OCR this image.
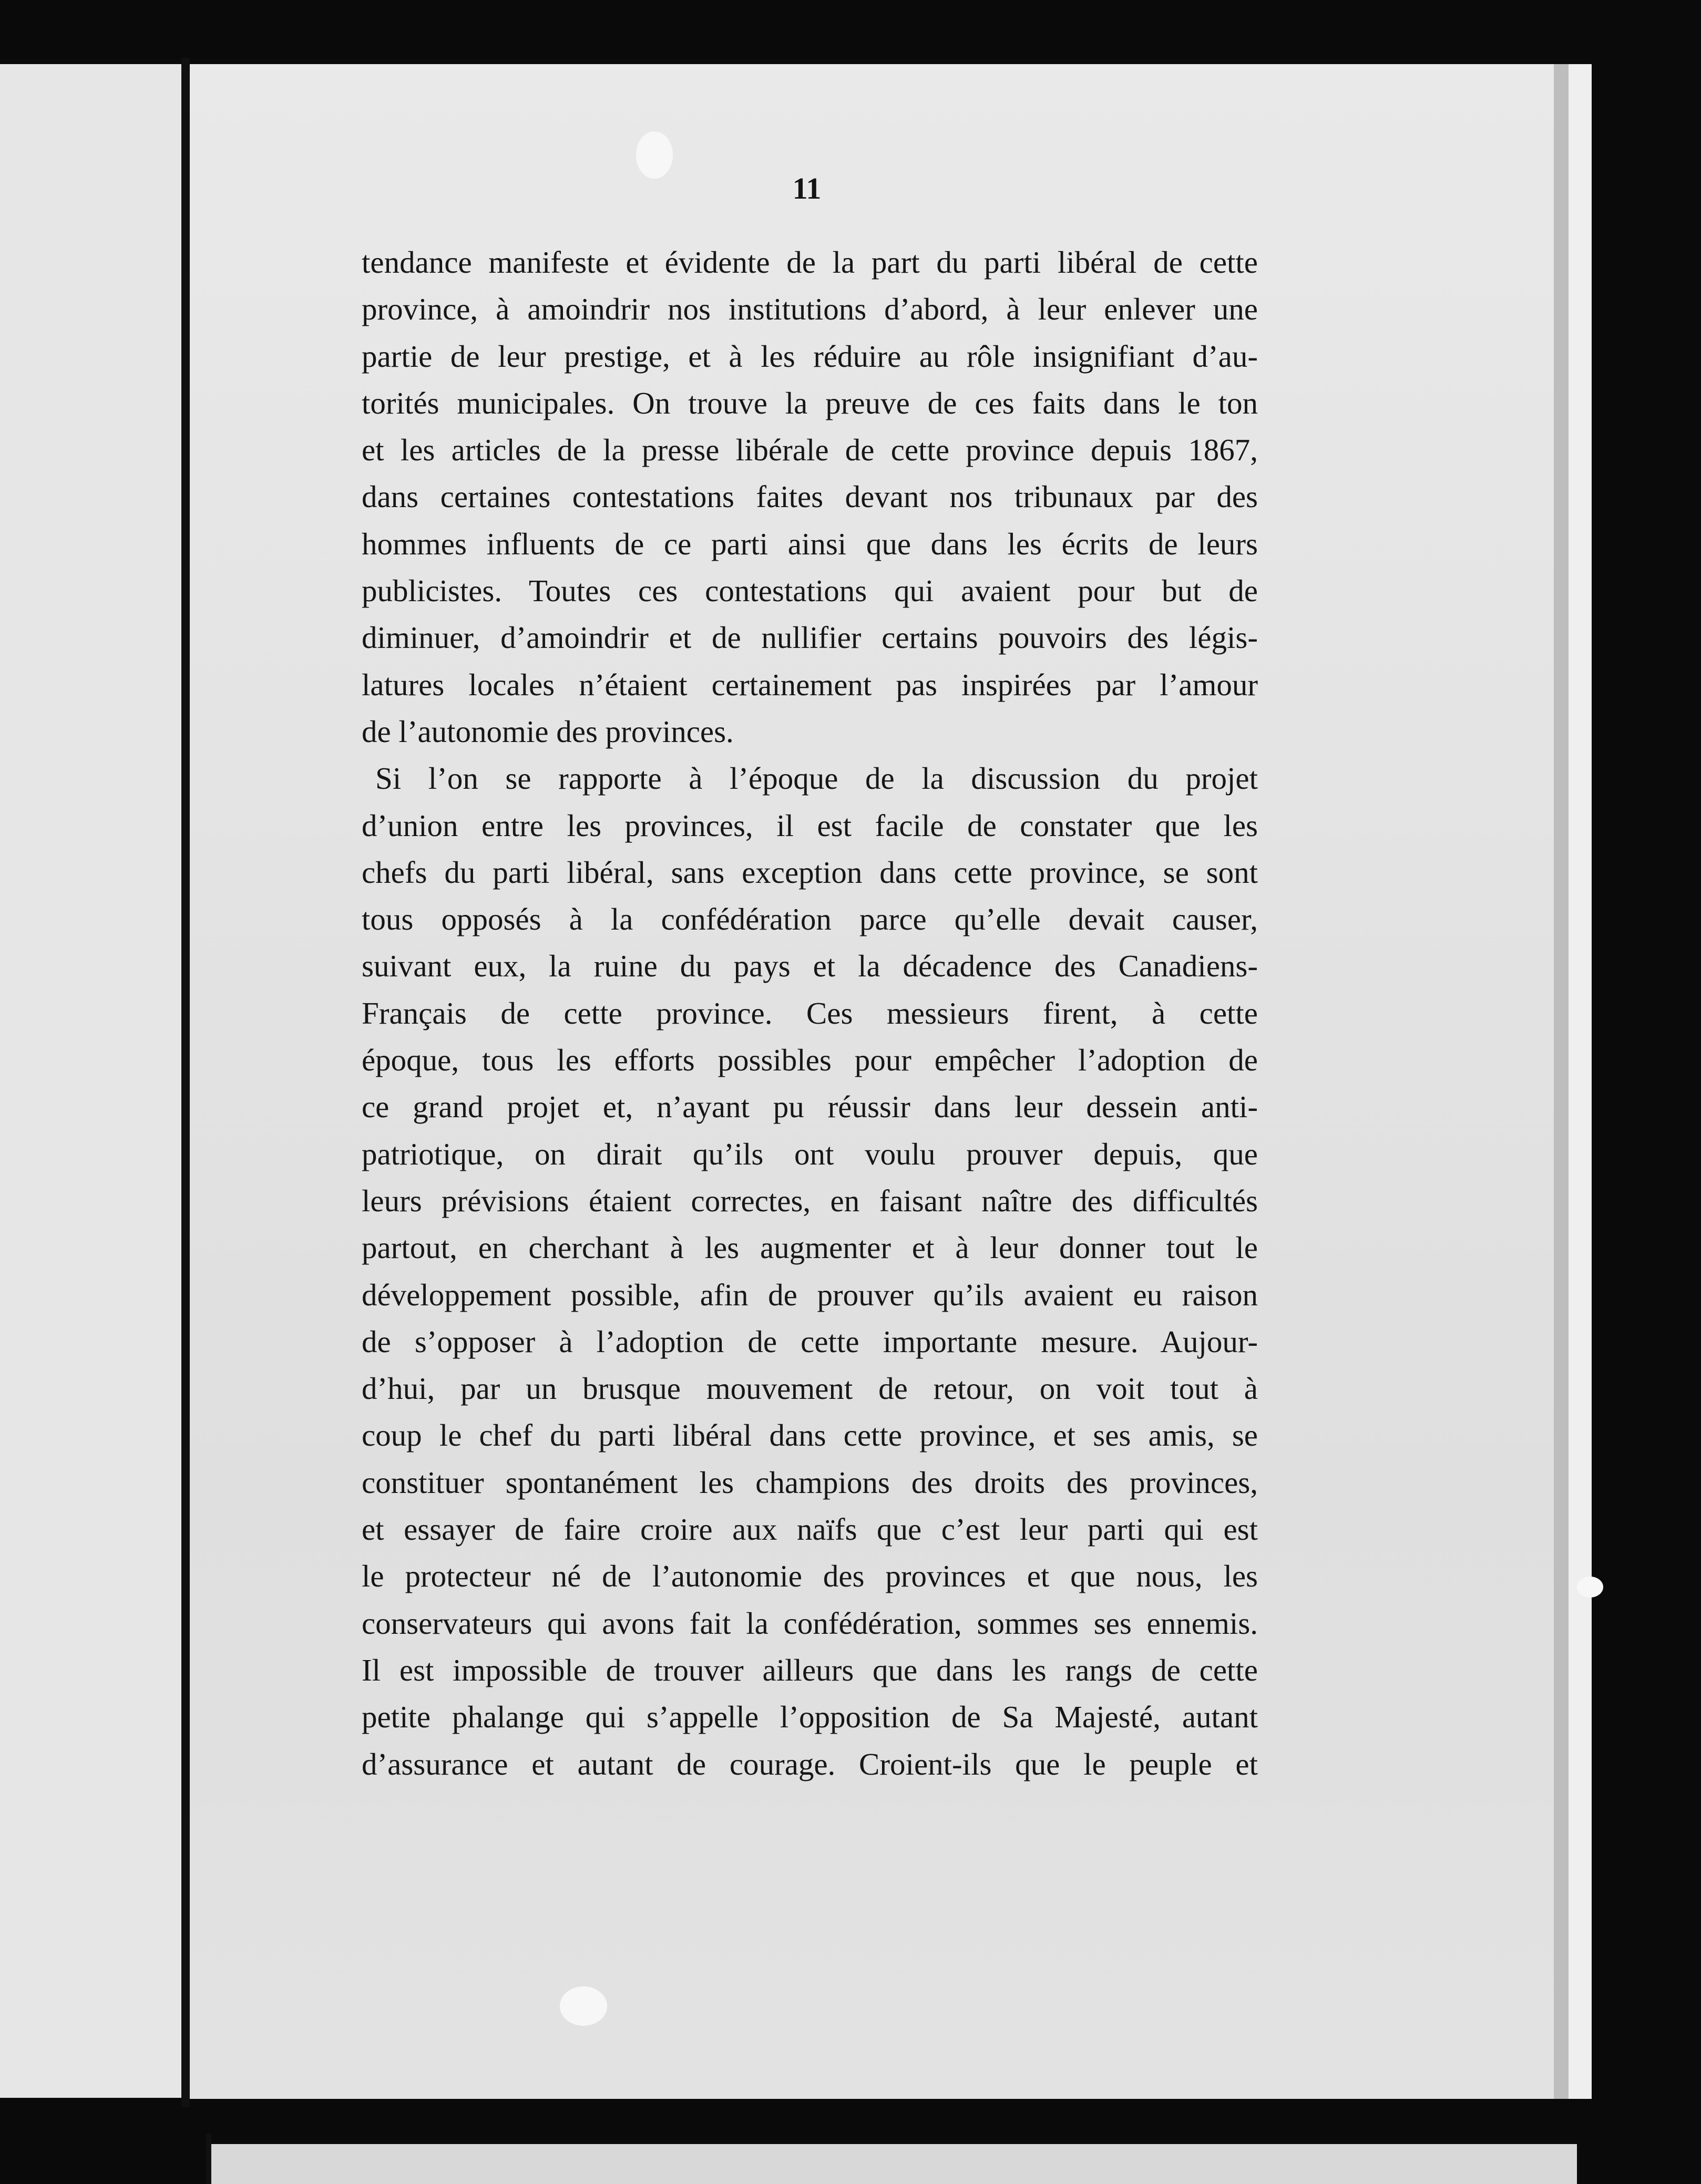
11
tendance manifeste et évidente de la part du parti libéral de cette
province, à amoindrir nos institutions d’abord, à leur enlever une
partie de leur prestige, et à les réduire au rôle insignifiant d’au-
torités municipales. On trouve la preuve de ces faits dans le ton
et les articles de la presse libérale de cette province depuis 1867,
dans certaines contestations faites devant nos tribunaux par des
hommes influents de ce parti ainsi que dans les écrits de leurs
publicistes. Toutes ces contestations qui avaient pour but de
diminuer, d’amoindrir et de nullifier certains pouvoirs des légis-
latures locales n’étaient certainement pas inspirées par l’amour
de l’autonomie des provinces.
Si l’on se rapporte à l’époque de la discussion du projet
d’union entre les provinces, il est facile de constater que les
chefs du parti libéral, sans exception dans cette province, se sont
tous opposés à la confédération parce qu’elle devait causer,
suivant eux, la ruine du pays et la décadence des Canadiens-
Français de cette province. Ces messieurs firent, à cette
époque, tous les efforts possibles pour empêcher l’adoption de
ce grand projet et, n’ayant pu réussir dans leur dessein anti-
patriotique, on dirait qu’ils ont voulu prouver depuis, que
leurs prévisions étaient correctes, en faisant naître des difficultés
partout, en cherchant à les augmenter et à leur donner tout le
développement possible, afin de prouver qu’ils avaient eu raison
de s’opposer à l’adoption de cette importante mesure. Aujour-
d’hui, par un brusque mouvement de retour, on voit tout à
coup le chef du parti libéral dans cette province, et ses amis, se
constituer spontanément les champions des droits des provinces,
et essayer de faire croire aux naïfs que c’est leur parti qui est
le protecteur né de l’autonomie des provinces et que nous, les
conservateurs qui avons fait la confédération, sommes ses ennemis.
Il est impossible de trouver ailleurs que dans les rangs de cette
petite phalange qui s’appelle l’opposition de Sa Majesté, autant
d’assurance et autant de courage. Croient-ils que le peuple et
